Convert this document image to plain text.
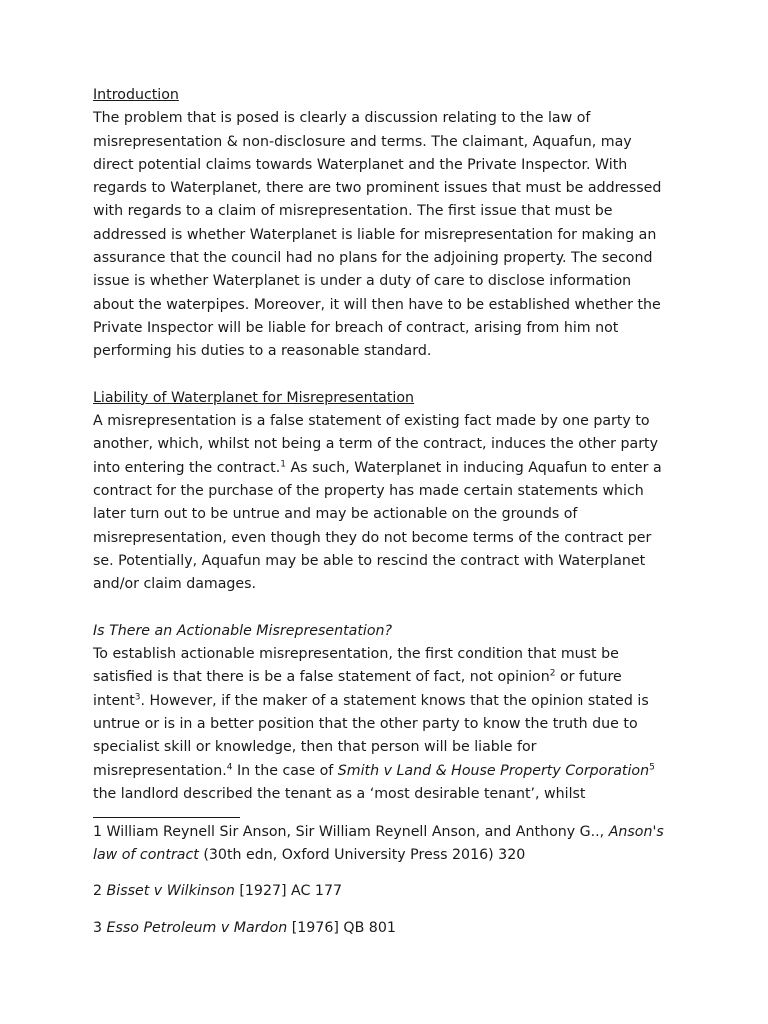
Introduction
The problem that is posed is clearly a discussion relating to the law of
misrepresentation & non-disclosure and terms. The claimant, Aquafun, may
direct potential claims towards Waterplanet and the Private Inspector. With
regards to Waterplanet, there are two prominent issues that must be addressed
with regards to a claim of misrepresentation. The first issue that must be
addressed is whether Waterplanet is liable for misrepresentation for making an
assurance that the council had no plans for the adjoining property. The second
issue is whether Waterplanet is under a duty of care to disclose information
about the waterpipes. Moreover, it will then have to be established whether the
Private Inspector will be liable for breach of contract, arising from him not
performing his duties to a reasonable standard.
Liability of Waterplanet for Misrepresentation
A misrepresentation is a false statement of existing fact made by one party to
another, which, whilst not being a term of the contract, induces the other party
into entering the contract.$^1$ As such, Waterplanet in inducing Aquafun to enter a
contract for the purchase of the property has made certain statements which
later turn out to be untrue and may be actionable on the grounds of
misrepresentation, even though they do not become terms of the contract per
se. Potentially, Aquafun may be able to rescind the contract with Waterplanet
and/or claim damages.
Is There an Actionable Misrepresentation?
To establish actionable misrepresentation, the first condition that must be
satisfied is that there is be a false statement of fact, not opinion$^2$ or future
intent$^3$. However, if the maker of a statement knows that the opinion stated is
untrue or is in a better position that the other party to know the truth due to
specialist skill or knowledge, then that person will be liable for
misrepresentation.$^4$ In the case of Smith v Land & House Property Corporation$^5$
the landlord described the tenant as a ‘most desirable tenant’, whilst
1 William Reynell Sir Anson, Sir William Reynell Anson, and Anthony G.., Anson's
law of contract (30th edn, Oxford University Press 2016) 320
2 Bisset v Wilkinson [1927] AC 177
3 Esso Petroleum v Mardon [1976] QB 801
